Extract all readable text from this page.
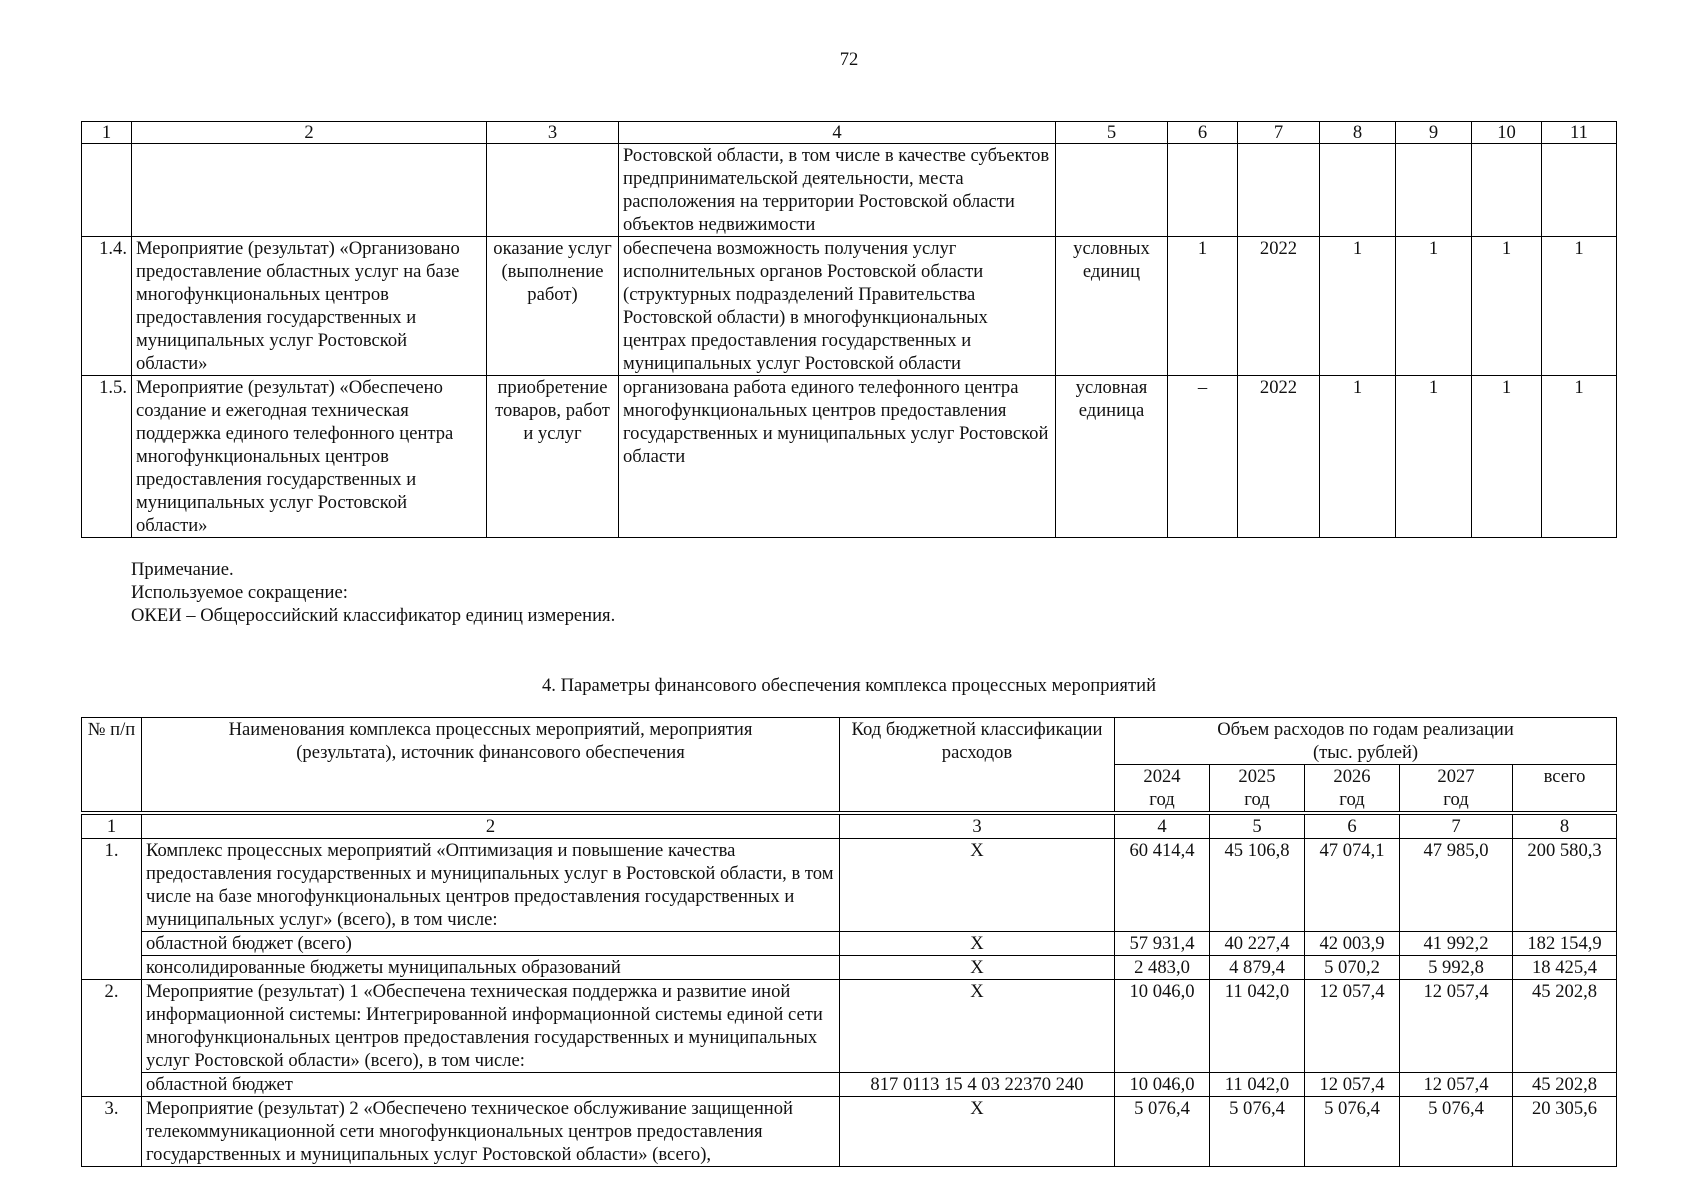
72
1	2	3	4	5	6	7	8	9	10	11
			Ростовской области, в том числе в качестве субъектов предпринимательской деятельности, места расположения на территории Ростовской области объектов недвижимости							
1.4.	Мероприятие (результат) «Организовано предоставление областных услуг на базе многофункциональных центров предоставления государственных и муниципальных услуг Ростовской области»	оказание услуг (выполнение работ)	обеспечена возможность получения услуг исполнительных органов Ростовской области (структурных подразделений Правительства Ростовской области) в многофункциональных центрах предоставления государственных и муниципальных услуг Ростовской области	условных единиц	1	2022	1	1	1	1
1.5.	Мероприятие (результат) «Обеспечено создание и ежегодная техническая поддержка единого телефонного центра многофункциональных центров предоставления государственных и муниципальных услуг Ростовской области»	приобретение товаров, работ и услуг	организована работа единого телефонного центра многофункциональных центров предоставления государственных и муниципальных услуг Ростовской области	условная единица	–	2022	1	1	1	1
Примечание.
Используемое сокращение:
ОКЕИ – Общероссийский классификатор единиц измерения.
4. Параметры финансового обеспечения комплекса процессных мероприятий
№ п/п	Наименования комплекса процессных мероприятий, мероприятия (результата), источник финансового обеспечения	Код бюджетной классификации расходов	Объем расходов по годам реализации (тыс. рублей)				
			2024 год	2025 год	2026 год	2027 год	всего
1	2	3	4	5	6	7	8
1.	Комплекс процессных мероприятий «Оптимизация и повышение качества предоставления государственных и муниципальных услуг в Ростовской области, в том числе на базе многофункциональных центров предоставления государственных и муниципальных услуг» (всего), в том числе:	Х	60 414,4	45 106,8	47 074,1	47 985,0	200 580,3
	областной бюджет (всего)	Х	57 931,4	40 227,4	42 003,9	41 992,2	182 154,9
	консолидированные бюджеты муниципальных образований	Х	2 483,0	4 879,4	5 070,2	5 992,8	18 425,4
2.	Мероприятие (результат) 1 «Обеспечена техническая поддержка и развитие иной информационной системы: Интегрированной информационной системы единой сети многофункциональных центров предоставления государственных и муниципальных услуг Ростовской области» (всего), в том числе:	Х	10 046,0	11 042,0	12 057,4	12 057,4	45 202,8
	областной бюджет	817 0113 15 4 03 22370 240	10 046,0	11 042,0	12 057,4	12 057,4	45 202,8
3.	Мероприятие (результат) 2 «Обеспечено техническое обслуживание защищенной телекоммуникационной сети многофункциональных центров предоставления государственных и муниципальных услуг Ростовской области» (всего),	Х	5 076,4	5 076,4	5 076,4	5 076,4	20 305,6
